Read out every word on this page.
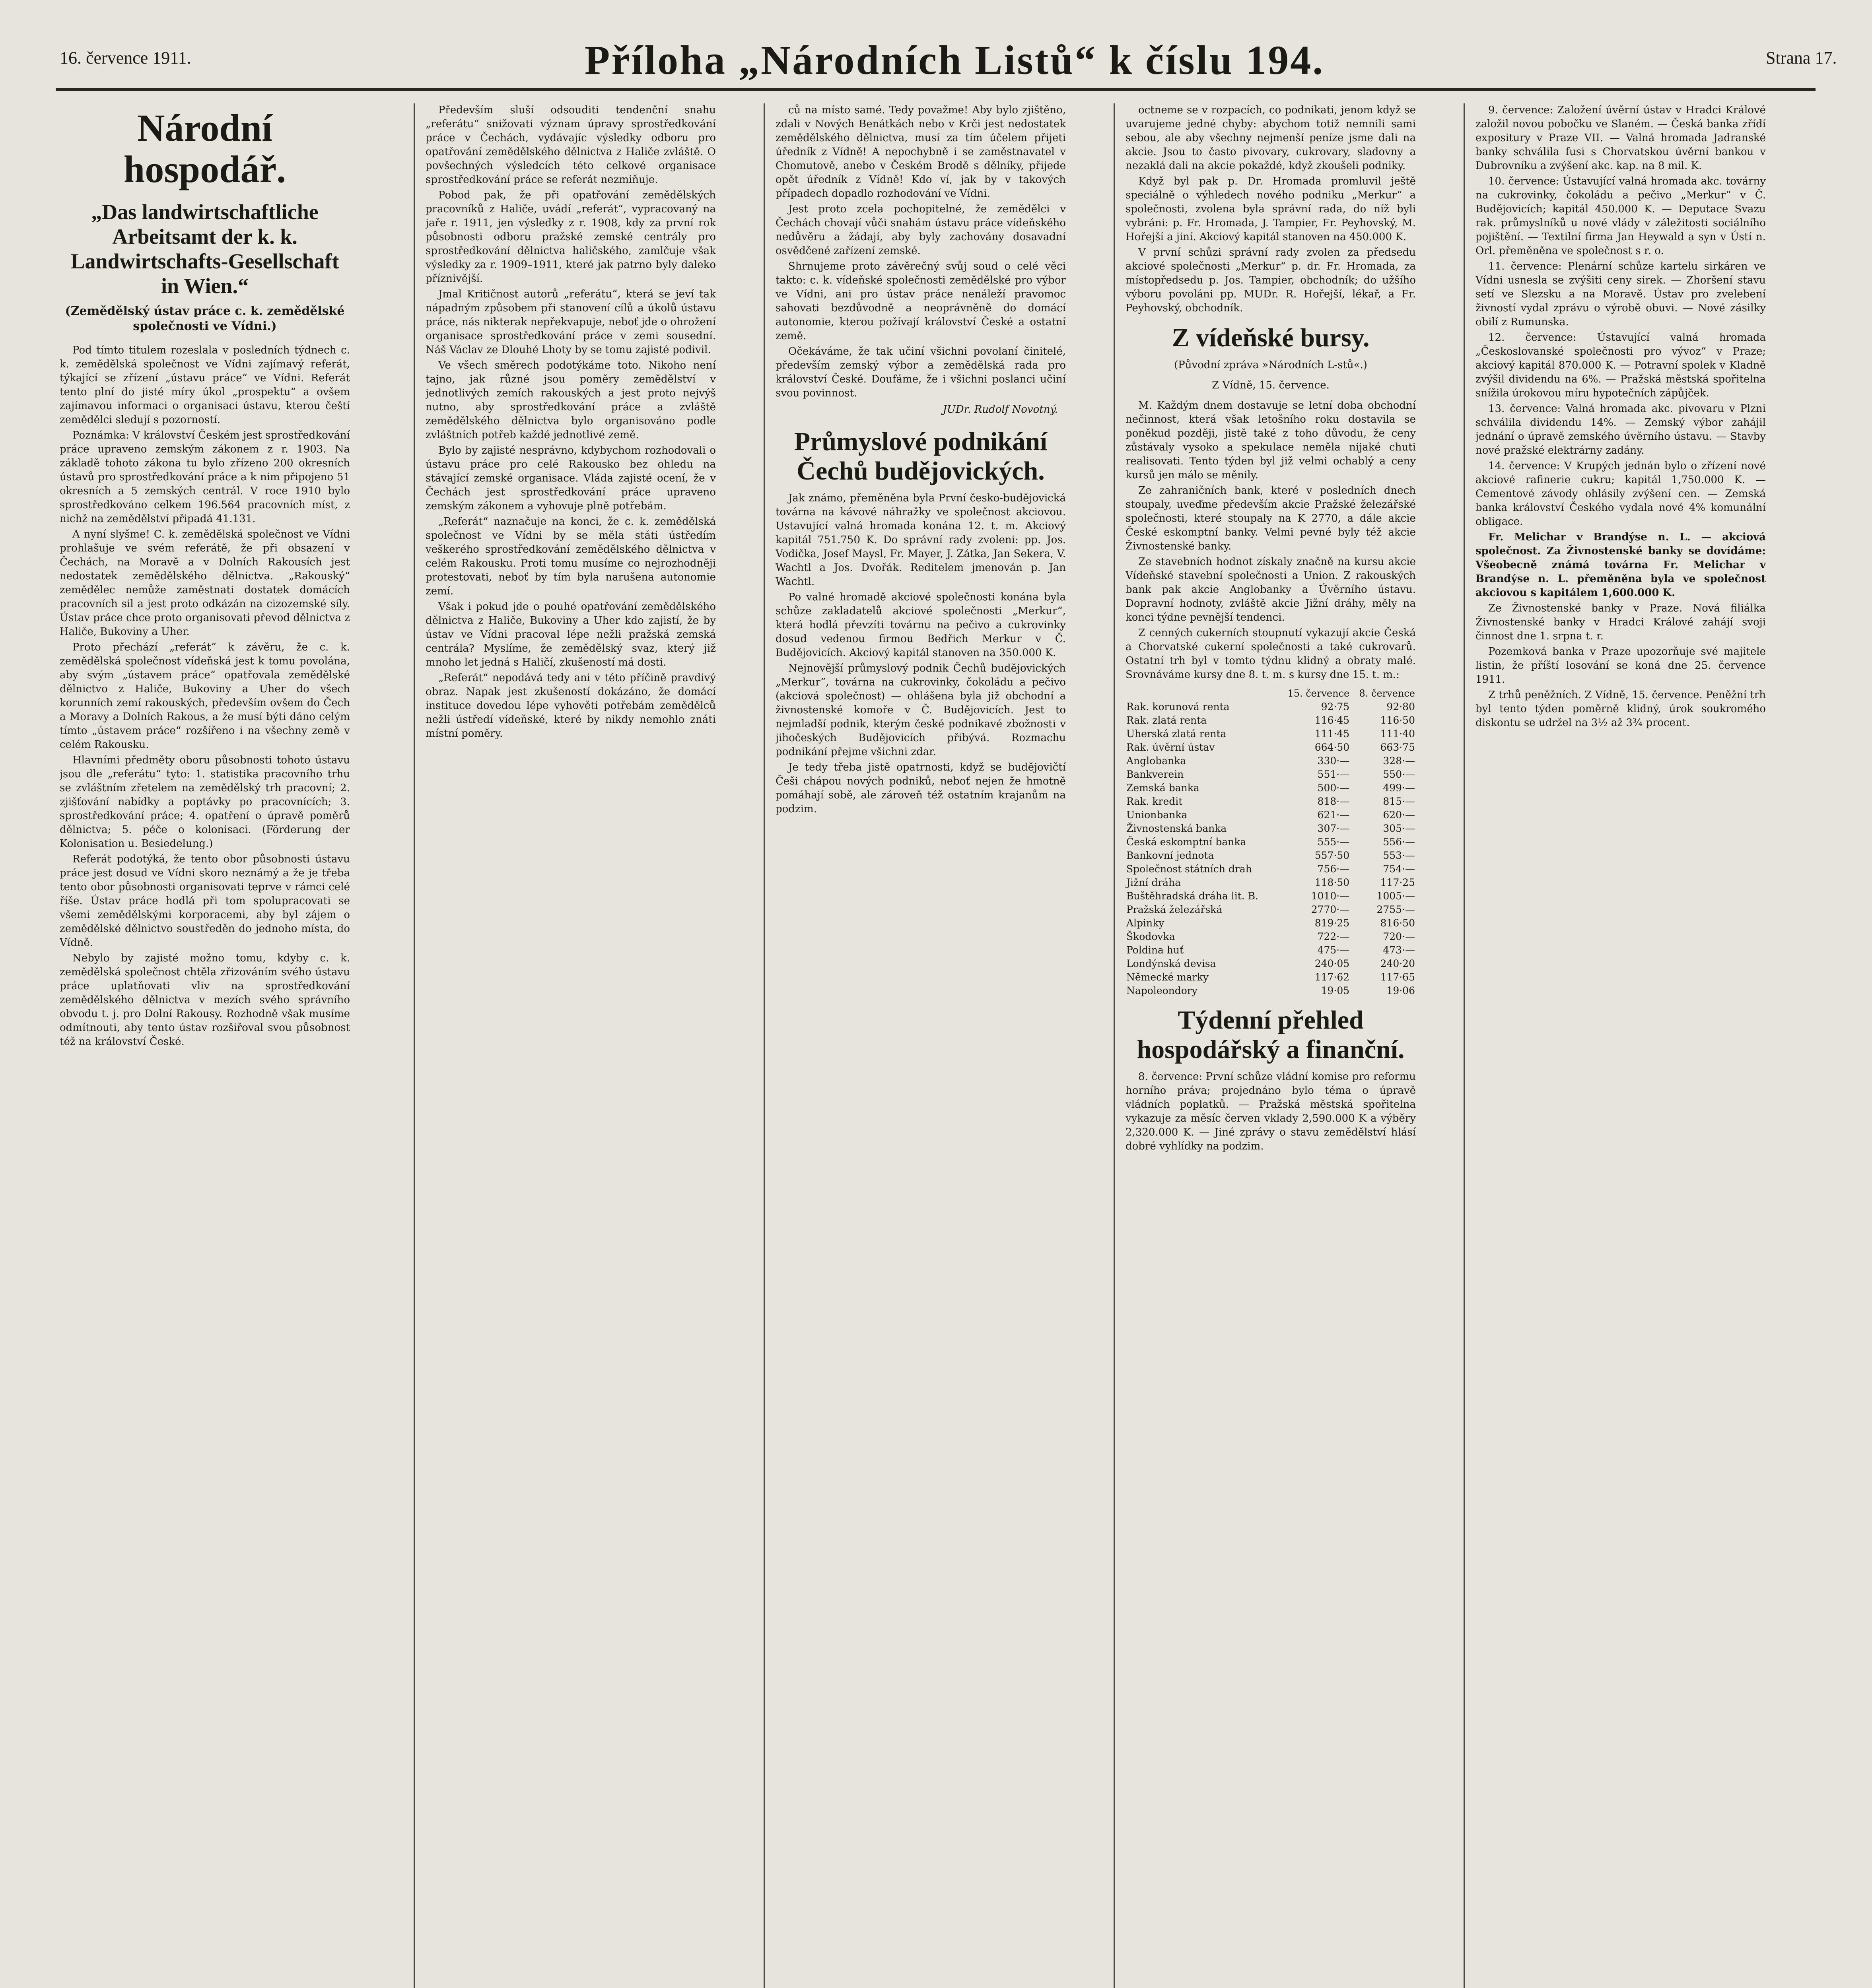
16. července 1911.	Příloha „Národních Listů“ k číslu 194.	Strana 17.
Národní hospodář.
„Das landwirtschaftliche Arbeitsamt der k. k. Landwirtschafts-Gesellschaft in Wien.“
(Zemědělský ústav práce c. k. zemědělské společnosti ve Vídni.)

Pod tímto titulem rozeslala v posledních týdnech c. k. zemědělská společnost ve Vídni zajímavý referát, týkající se zřízení „ústavu práce“ ve Vídni. Referát tento plní do jisté míry úkol „prospektu“ a ovšem zajímavou informaci o organisaci ústavu, kterou čeští zemědělci sledují s pozorností.

Poznámka: V království Českém jest sprostředkování práce upraveno zemským zákonem z r. 1903. Na základě tohoto zákona tu bylo zřízeno 200 okresních ústavů pro sprostředkování práce a k nim připojeno 51 okresních a 5 zemských centrál. V roce 1910 bylo sprostředkováno celkem 196.564 pracovních míst, z nichž na zemědělství připadá 41.131.

A nyní slyšme! C. k. zemědělská společnost ve Vídni prohlašuje ve svém referátě, že při obsazení v Čechách, na Moravě a v Dolních Rakousích jest nedostatek zemědělského dělnictva. „Rakouský“ zemědělec nemůže zaměstnati dostatek domácích pracovních sil a jest proto odkázán na cizozemské síly. Ústav práce chce proto organisovati převod dělnictva z Haliče, Bukoviny a Uher.

Proto přechází „referát“ k závěru, že c. k. zemědělská společnost vídeňská jest k tomu povolána, aby svým „ústavem práce“ opatřovala zemědělské dělnictvo z Haliče, Bukoviny a Uher do všech korunních zemí rakouských, především ovšem do Čech a Moravy a Dolních Rakous, a že musí býti dáno celým tímto „ústavem práce“ rozšířeno i na všechny země v celém Rakousku.

Hlavními předměty oboru působnosti tohoto ústavu jsou dle „referátu“ tyto: 1. statistika pracovního trhu se zvláštním zřetelem na zemědělský trh pracovní; 2. zjišťování nabídky a poptávky po pracovnících; 3. sprostředkování práce; 4. opatření o úpravě poměrů dělnictva; 5. péče o kolonisaci. (Förderung der Kolonisation u. Besiedelung.)

Referát podotýká, že tento obor působnosti ústavu práce jest dosud ve Vídni skoro neznámý a že je třeba tento obor působnosti organisovati teprve v rámci celé říše. Ústav práce hodlá při tom spolupracovati se všemi zemědělskými korporacemi, aby byl zájem o zemědělské dělnictvo soustředěn do jednoho místa, do Vídně.

Nebylo by zajisté možno tomu, kdyby c. k. zemědělská společnost chtěla zřizováním svého ústavu práce uplatňovati vliv na sprostředkování zemědělského dělnictva v mezích svého správního obvodu t. j. pro Dolní Rakousy. Rozhodně však musíme odmítnouti, aby tento ústav rozšiřoval svou působnost též na království České.

Především sluší odsouditi tendenční snahu „referátu“ snižovati význam úpravy sprostředkování práce v Čechách, vydávajíc výsledky odboru pro opatřování zemědělského dělnictva z Haliče zvláště. O povšechných výsledcích této celkové organisace sprostředkování práce se referát nezmiňuje.

Pobod pak, že při opatřování zemědělských pracovníků z Haliče, uvádí „referát“, vypracovaný na jaře r. 1911, jen výsledky z r. 1908, kdy za první rok působnosti odboru pražské zemské centrály pro sprostředkování dělnictva haličského, zamlčuje však výsledky za r. 1909–1911, které jak patrno byly daleko příznivější.

Jmal Kritičnost autorů „referátu“, která se jeví tak nápadným způsobem při stanovení cílů a úkolů ústavu práce, nás nikterak nepřekvapuje, neboť jde o ohrožení organisace sprostředkování práce v zemi sousední. Náš Václav ze Dlouhé Lhoty by se tomu zajisté podivil.

Ve všech směrech podotýkáme toto. Nikoho není tajno, jak různé jsou poměry zemědělství v jednotlivých zemích rakouských a jest proto nejvýš nutno, aby sprostředkování práce a zvláště zemědělského dělnictva bylo organisováno podle zvláštních potřeb každé jednotlivé země.

Bylo by zajisté nesprávno, kdybychom rozhodovali o ústavu práce pro celé Rakousko bez ohledu na stávající zemské organisace. Vláda zajisté ocení, že v Čechách jest sprostředkování práce upraveno zemským zákonem a vyhovuje plně potřebám.

„Referát“ naznačuje na konci, že c. k. zemědělská společnost ve Vídni by se měla státi ústředím veškerého sprostředkování zemědělského dělnictva v celém Rakousku. Proti tomu musíme co nejrozhodněji protestovati, neboť by tím byla narušena autonomie zemí.

Však i pokud jde o pouhé opatřování zemědělského dělnictva z Haliče, Bukoviny a Uher kdo zajistí, že by ústav ve Vídni pracoval lépe nežli pražská zemská centrála? Myslíme, že zemědělský svaz, který již mnoho let jedná s Haličí, zkušeností má dosti.

„Referát“ nepodává tedy ani v této příčině pravdivý obraz. Napak jest zkušeností dokázáno, že domácí instituce dovedou lépe vyhověti potřebám zemědělců nežli ústředí vídeňské, které by nikdy nemohlo znáti místní poměry.

ců na místo samé. Tedy považme! Aby bylo zjištěno, zdali v Nových Benátkách nebo v Krči jest nedostatek zemědělského dělnictva, musí za tím účelem přijeti úředník z Vídně! A nepochybně i se zaměstnavatel v Chomutově, anebo v Českém Brodě s dělníky, přijede opět úředník z Vídně! Kdo ví, jak by v takových případech dopadlo rozhodování ve Vídni.

Jest proto zcela pochopitelné, že zemědělci v Čechách chovají vůči snahám ústavu práce vídeňského nedůvěru a žádají, aby byly zachovány dosavadní osvědčené zařízení zemské.

Shrnujeme proto závěrečný svůj soud o celé věci takto: c. k. vídeňské společnosti zemědělské pro výbor ve Vídni, ani pro ústav práce nenáleží pravomoc sahovati bezdůvodně a neoprávněně do domácí autonomie, kterou požívají království České a ostatní země.

Očekáváme, že tak učiní všichni povolaní činitelé, především zemský výbor a zemědělská rada pro království České. Doufáme, že i všichni poslanci učiní svou povinnost.

JUDr. Rudolf Novotný.
Průmyslové podnikání Čechů budějovických.

Jak známo, přeměněna byla První česko-budějovická továrna na kávové náhražky ve společnost akciovou. Ustavující valná hromada konána 12. t. m. Akciový kapitál 751.750 K. Do správní rady zvoleni: pp. Jos. Vodička, Josef Maysl, Fr. Mayer, J. Zátka, Jan Sekera, V. Wachtl a Jos. Dvořák. Reditelem jmenován p. Jan Wachtl.

Po valné hromadě akciové společnosti konána byla schůze zakladatelů akciové společnosti „Merkur“, která hodlá převzíti továrnu na pečivo a cukrovinky dosud vedenou firmou Bedřich Merkur v Č. Budějovicích. Akciový kapitál stanoven na 350.000 K.

Nejnovější průmyslový podnik Čechů budějovických „Merkur“, továrna na cukrovinky, čokoládu a pečivo (akciová společnost) — ohlášena byla již obchodní a živnostenské komoře v Č. Budějovicích. Jest to nejmladší podnik, kterým české podnikavé zbožnosti v jihočeských Budějovicích přibývá. Rozmachu podnikání přejme všichni zdar.

Je tedy třeba jistě opatrnosti, když se budějovičtí Češi chápou nových podniků, neboť nejen že hmotně pomáhají sobě, ale zároveň též ostatním krajanům na podzim.

octneme se v rozpacích, co podnikati, jenom když se uvarujeme jedné chyby: abychom totiž nemnili sami sebou, ale aby všechny nejmenší peníze jsme dali na akcie. Jsou to často pivovary, cukrovary, sladovny a nezaklá dali na akcie pokaždé, když zkoušeli podniky.

Když byl pak p. Dr. Hromada promluvil ještě speciálně o výhledech nového podniku „Merkur“ a společnosti, zvolena byla správní rada, do níž byli vybráni: p. Fr. Hromada, J. Tampier, Fr. Peyhovský, M. Hořejší a jiní. Akciový kapitál stanoven na 450.000 K.

V první schůzi správní rady zvolen za předsedu akciové společnosti „Merkur“ p. dr. Fr. Hromada, za místopředsedu p. Jos. Tampier, obchodník; do užšího výboru povoláni pp. MUDr. R. Hořejší, lékař, a Fr. Peyhovský, obchodník.

Z vídeňské bursy.
(Původní zpráva »Národních L-stů«.)
Z Vídně, 15. července.

M. Každým dnem dostavuje se letní doba obchodní nečinnost, která však letošního roku dostavila se poněkud později, jistě také z toho důvodu, že ceny zůstávaly vysoko a spekulace neměla nijaké chuti realisovati. Tento týden byl již velmi ochablý a ceny kursů jen málo se měnily.

Ze zahraničních bank, které v posledních dnech stoupaly, uveďme především akcie Pražské železářské společnosti, které stoupaly na K 2770, a dále akcie České eskomptní banky. Velmi pevné byly též akcie Živnostenské banky.

Ze stavebních hodnot získaly značně na kursu akcie Vídeňské stavební společnosti a Union. Z rakouských bank pak akcie Anglobanky a Úvěrního ústavu. Dopravní hodnoty, zvláště akcie Jižní dráhy, měly na konci týdne pevnější tendenci.

Z cenných cukerních stoupnutí vykazují akcie Česká a Chorvatské cukerní společnosti a také cukrovarů. Ostatní trh byl v tomto týdnu klidný a obraty malé. Srovnáváme kursy dne 8. t. m. s kursy dne 15. t. m.:

	15. července	8. července
Rak. korunová renta	92·75	92·80
Rak. zlatá renta	116·45	116·50
Uherská zlatá renta	111·45	111·40
Rak. úvěrní ústav	664·50	663·75
Anglobanka	330·—	328·—
Bankverein	551·—	550·—
Zemská banka	500·—	499·—
Rak. kredit	818·—	815·—
Unionbanka	621·—	620·—
Živnostenská banka	307·—	305·—
Česká eskomptní banka	555·—	556·—
Bankovní jednota	557·50	553·—
Společnost státních drah	756·—	754·—
Jižní dráha	118·50	117·25
Buštěhradská dráha lit. B.	1010·—	1005·—
Pražská železářská	2770·—	2755·—
Alpinky	819·25	816·50
Škodovka	722·—	720·—
Poldina huť	475·—	473·—
Londýnská devisa	240·05	240·20
Německé marky	117·62	117·65
Napoleondory	19·05	19·06
Týdenní přehled hospodářský a finanční.

8. července: První schůze vládní komise pro reformu horního práva; projednáno bylo téma o úpravě vládních poplatků. — Pražská městská spořitelna vykazuje za měsíc červen vklady 2,590.000 K a výběry 2,320.000 K. — Jiné zprávy o stavu zemědělství hlásí dobré vyhlídky na podzim.

9. července: Založení úvěrní ústav v Hradci Králové založil novou pobočku ve Slaném. — Česká banka zřídí expositury v Praze VII. — Valná hromada Jadranské banky schválila fusi s Chorvatskou úvěrní bankou v Dubrovníku a zvýšení akc. kap. na 8 mil. K.

10. července: Ústavující valná hromada akc. továrny na cukrovinky, čokoládu a pečivo „Merkur“ v Č. Budějovicích; kapitál 450.000 K. — Deputace Svazu rak. průmyslníků u nové vlády v záležitosti sociálního pojištění. — Textilní firma Jan Heywald a syn v Ústí n. Orl. přeměněna ve společnost s r. o.

11. července: Plenární schůze kartelu sirkáren ve Vídni usnesla se zvýšiti ceny sirek. — Zhoršení stavu setí ve Slezsku a na Moravě. Ústav pro zvelebení živností vydal zprávu o výrobě obuvi. — Nové zásilky obilí z Rumunska.

12. července: Ústavující valná hromada „Českoslovanské společnosti pro vývoz“ v Praze; akciový kapitál 870.000 K. — Potravní spolek v Kladně zvýšil dividendu na 6%. — Pražská městská spořitelna snížila úrokovou míru hypotečních zápůjček.

13. července: Valná hromada akc. pivovaru v Plzni schválila dividendu 14%. — Zemský výbor zahájil jednání o úpravě zemského úvěrního ústavu. — Stavby nové pražské elektrárny zadány.

14. července: V Krupých jednán bylo o zřízení nové akciové rafinerie cukru; kapitál 1,750.000 K. — Cementové závody ohlásily zvýšení cen. — Zemská banka království Českého vydala nové 4% komunální obligace.

Fr. Melichar v Brandýse n. L. — akciová společnost. Za Živnostenské banky se dovídáme: Všeobecně známá továrna Fr. Melichar v Brandýse n. L. přeměněna byla ve společnost akciovou s kapitálem 1,600.000 K.

Ze Živnostenské banky v Praze. Nová filiálka Živnostenské banky v Hradci Králové zahájí svoji činnost dne 1. srpna t. r.

Pozemková banka v Praze upozorňuje své majitele listin, že příští losování se koná dne 25. července 1911.

Z trhů peněžních. Z Vídně, 15. července. Peněžní trh byl tento týden poměrně klidný, úrok soukromého diskontu se udržel na 3½ až 3¾ procent.
